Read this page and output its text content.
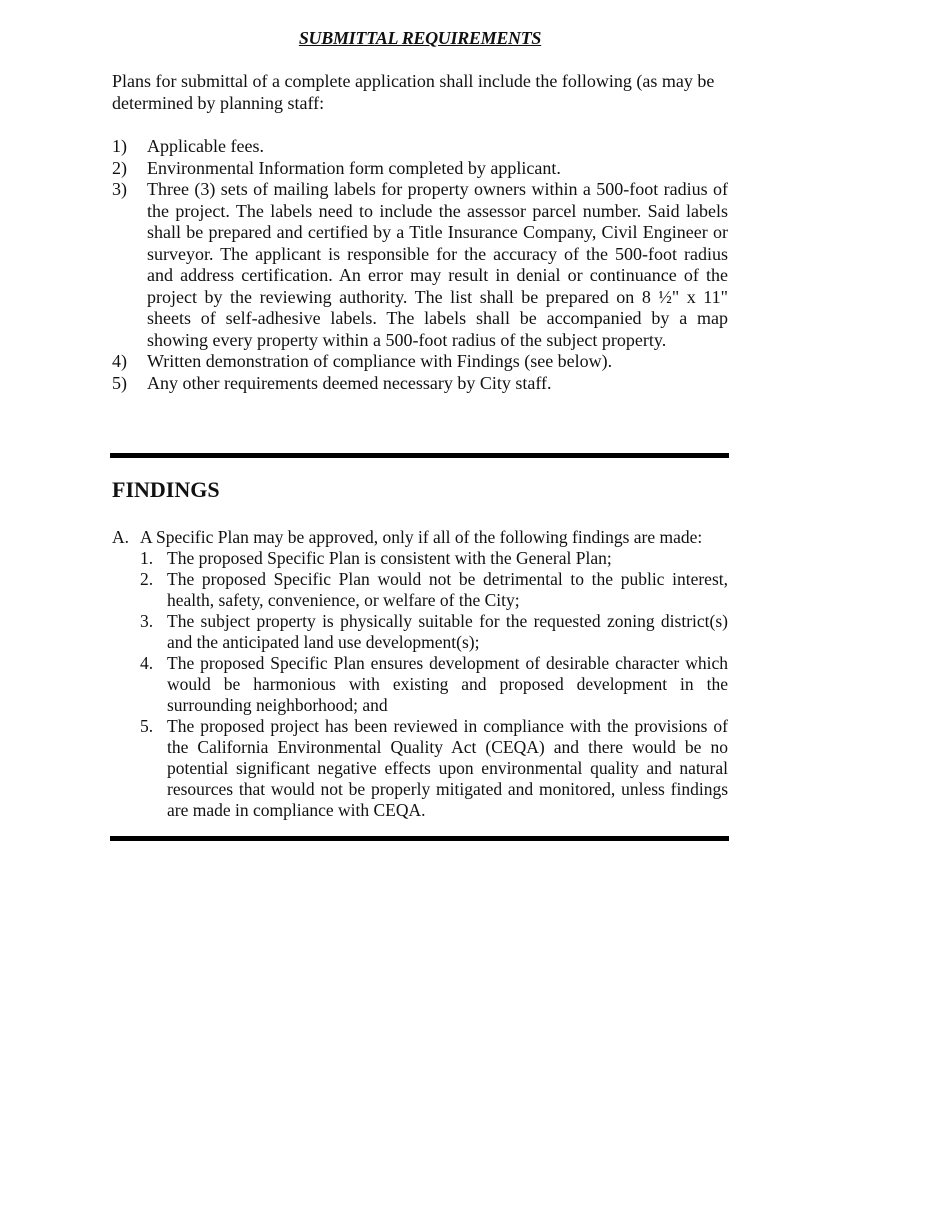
SUBMITTAL REQUIREMENTS

Plans for submittal of a complete application shall include the following (as may be determined by planning staff:

1)	Applicable fees.
2)	Environmental Information form completed by applicant.
3)	Three (3) sets of mailing labels for property owners within a 500-foot radius of the project. The labels need to include the assessor parcel number. Said labels shall be prepared and certified by a Title Insurance Company, Civil Engineer or surveyor. The applicant is responsible for the accuracy of the 500-foot radius and address certification. An error may result in denial or continuance of the project by the reviewing authority. The list shall be prepared on 8 ½" x 11" sheets of self-adhesive labels. The labels shall be accompanied by a map showing every property within a 500-foot radius of the subject property.
4)	Written demonstration of compliance with Findings (see below).
5)	Any other requirements deemed necessary by City staff.
FINDINGS
A. A Specific Plan may be approved, only if all of the following findings are made:
1. The proposed Specific Plan is consistent with the General Plan;
2. The proposed Specific Plan would not be detrimental to the public interest, health, safety, convenience, or welfare of the City;
3. The subject property is physically suitable for the requested zoning district(s) and the anticipated land use development(s);
4. The proposed Specific Plan ensures development of desirable character which would be harmonious with existing and proposed development in the surrounding neighborhood; and
5. The proposed project has been reviewed in compliance with the provisions of the California Environmental Quality Act (CEQA) and there would be no potential significant negative effects upon environmental quality and natural resources that would not be properly mitigated and monitored, unless findings are made in compliance with CEQA.
